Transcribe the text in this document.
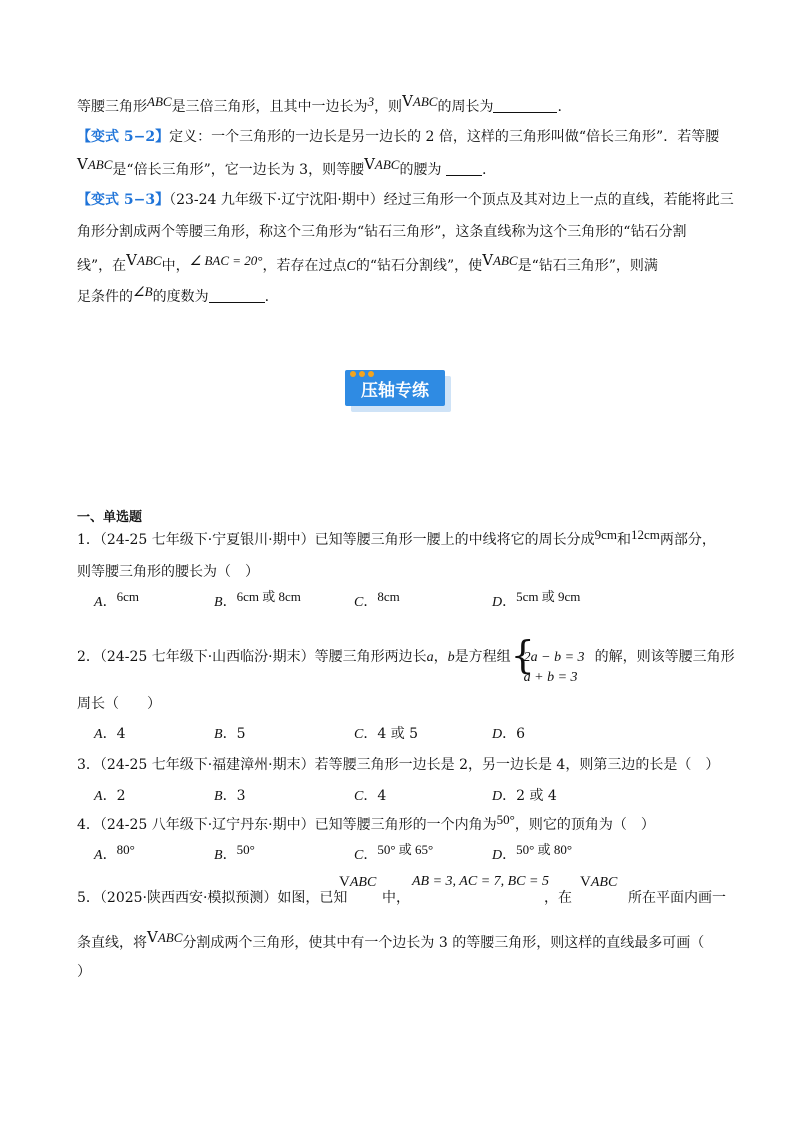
等腰三角形ABC是三倍三角形，且其中一边长为3，则VABC的周长为	.
【变式 5−2】定义：一个三角形的一边长是另一边长的 2 倍，这样的三角形叫做“倍长三角形”．若等腰
VABC是“倍长三角形”，它一边长为 3，则等腰VABC的腰为	.
【变式 5−3】（23-24 九年级下·辽宁沈阳·期中）经过三角形一个顶点及其对边上一点的直线，若能将此三
角形分割成两个等腰三角形，称这个三角形为“钻石三角形”，这条直线称为这个三角形的“钻石分割
线”，在VABC中，∠ BAC = 20°，若存在过点C的“钻石分割线”，使VABC是“钻石三角形”，则满
足条件的∠B的度数为	.
压轴专练
一、单选题
1．（24-25 七年级下·宁夏银川·期中）已知等腰三角形一腰上的中线将它的周长分成9cm和12cm两部分，
则等腰三角形的腰长为（　）
A．6cm	B．6cm 或 8cm	C．8cm	D．5cm 或 9cm
2．（24-25 七年级下·山西临汾·期末）等腰三角形两边长a，b是方程组 {
2a − b = 3
a + b = 3
的解，则该等腰三角形
周长（　　）
A．4	B．5	C．4 或 5	D．6
3．（24-25 七年级下·福建漳州·期末）若等腰三角形一边长是 2，另一边长是 4，则第三边的长是（　）
A．2	B．3	C．4	D．2 或 4
4．（24-25 八年级下·辽宁丹东·期中）已知等腰三角形的一个内角为50°，则它的顶角为（　）
A．80°	B．50°	C．50° 或 65°	D．50° 或 80°
5．（2025·陕西西安·模拟预测）如图，已知
VABC
中，
AB = 3, AC = 7, BC = 5
，在
VABC
所在平面内画一
条直线，将VABC分割成两个三角形，使其中有一个边长为 3 的等腰三角形，则这样的直线最多可画（
）
